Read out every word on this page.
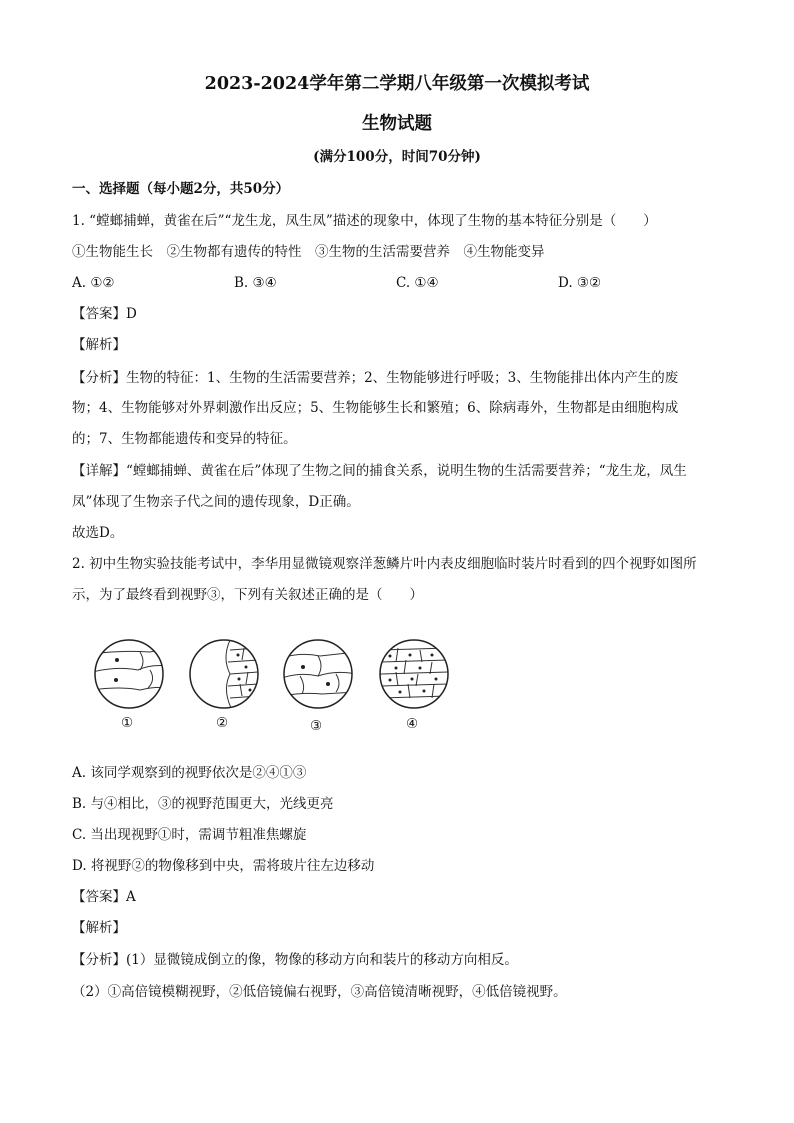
2023-2024学年第二学期八年级第一次模拟考试
生物试题
(满分100分，时间70分钟)
一、选择题（每小题2分，共50分）
1. “螳螂捕蝉，黄雀在后”“龙生龙，凤生凤”描述的现象中，体现了生物的基本特征分别是（　　）
①生物能生长　②生物都有遗传的特性　③生物的生活需要营养　④生物能变异
A. ①②	B. ③④	C. ①④	D. ③②
【答案】D
【解析】
【分析】生物的特征：1、生物的生活需要营养；2、生物能够进行呼吸；3、生物能排出体内产生的废
物；4、生物能够对外界刺激作出反应；5、生物能够生长和繁殖；6、除病毒外，生物都是由细胞构成
的；7、生物都能遗传和变异的特征。
【详解】“螳螂捕蝉、黄雀在后”体现了生物之间的捕食关系，说明生物的生活需要营养；“龙生龙，凤生
凤”体现了生物亲子代之间的遗传现象，D正确。
故选D。
2. 初中生物实验技能考试中，李华用显微镜观察洋葱鳞片叶内表皮细胞临时装片时看到的四个视野如图所
示，为了最终看到视野③，下列有关叙述正确的是（　　）
①	②	③	④
A. 该同学观察到的视野依次是②④①③
B. 与④相比，③的视野范围更大，光线更亮
C. 当出现视野①时，需调节粗准焦螺旋
D. 将视野②的物像移到中央，需将玻片往左边移动
【答案】A
【解析】
【分析】(1）显微镜成倒立的像，物像的移动方向和装片的移动方向相反。
（2）①高倍镜模糊视野，②低倍镜偏右视野，③高倍镜清晰视野，④低倍镜视野。
